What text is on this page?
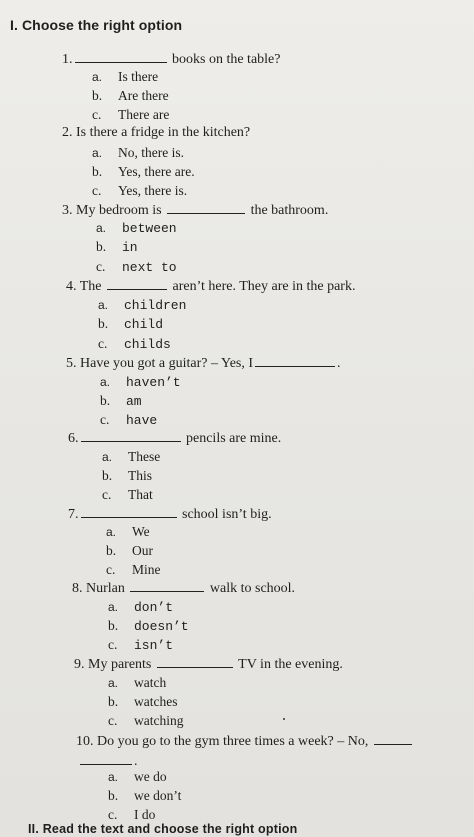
I. Choose the right option
1.	books on the table?
a. Is there
b. Are there
c. There are
2. Is there a fridge in the kitchen?
a. No, there is.
b. Yes, there are.
c. Yes, there is.
3. My bedroom is	the bathroom.
a. between
b. in
c. next to
4. The	aren’t here. They are in the park.
a. children
b. child
c. childs
5. Have you got a guitar? – Yes, I	.
a. haven’t
b. am
c. have
6.	pencils are mine.
a. These
b. This
c. That
7.	school isn’t big.
a. We
b. Our
c. Mine
8. Nurlan	walk to school.
a. don’t
b. doesn’t
c. isn’t
9. My parents	TV in the evening.
a. watch
b. watches
c. watching
10. Do you go to the gym three times a week? – No,
.
a. we do
b. we don’t
c. I do
II. Read the text and choose the right option
